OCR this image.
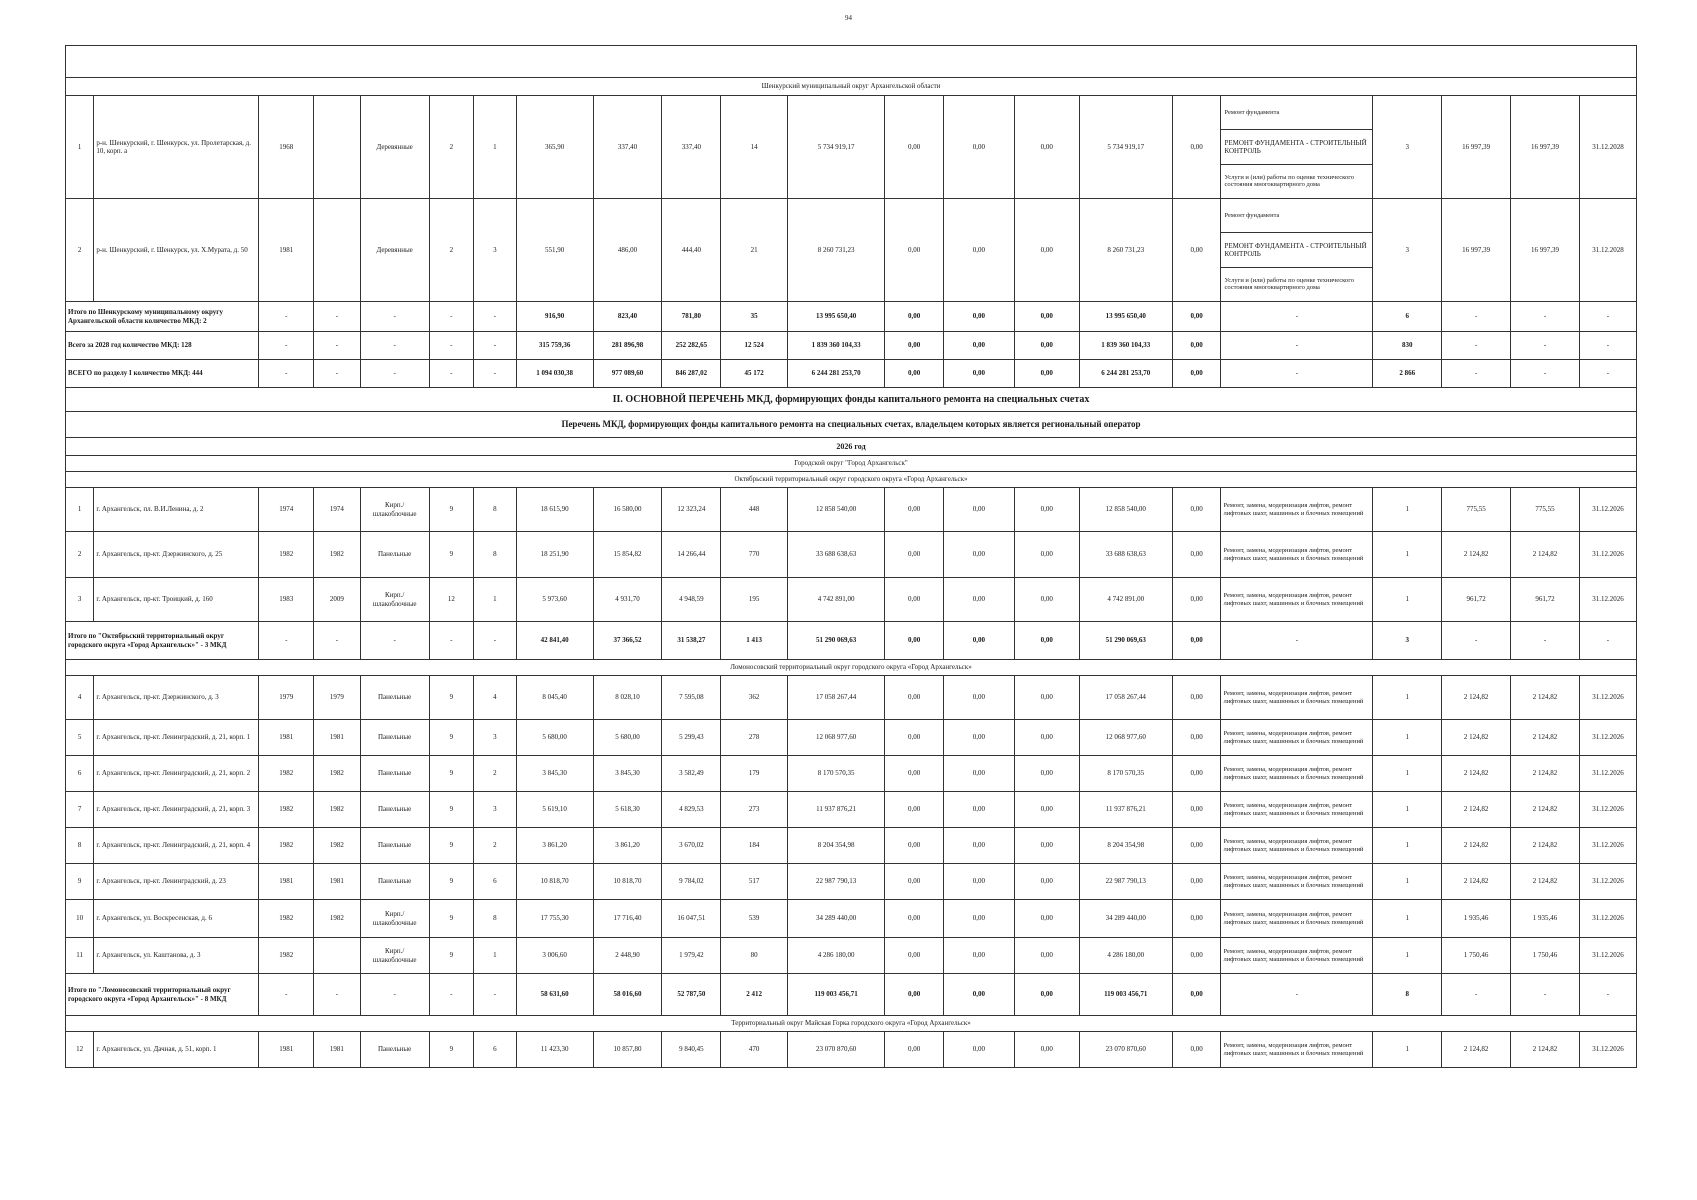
94

Шенкурский муниципальный округ Архангельской области																					
1	р-н. Шенкурский, г. Шенкурск, ул. Пролетарская, д. 10, корп. а	1968		Деревянные	2	1	365,90	337,40	337,40	14	5 734 919,17	0,00	0,00	0,00	5 734 919,17	0,00	Ремонт фундамента
РЕМОНТ ФУНДАМЕНТА - СТРОИТЕЛЬНЫЙ КОНТРОЛЬ
Услуги и (или) работы по оценке технического состояния многоквартирного дома	3	16 997,39	16 997,39	31.12.2028
2	р-н. Шенкурский, г. Шенкурск, ул. Х.Мурата, д. 50	1981		Деревянные	2	3	551,90	486,00	444,40	21	8 260 731,23	0,00	0,00	0,00	8 260 731,23	0,00	Ремонт фундамента
РЕМОНТ ФУНДАМЕНТА - СТРОИТЕЛЬНЫЙ КОНТРОЛЬ
Услуги и (или) работы по оценке технического состояния многоквартирного дома	3	16 997,39	16 997,39	31.12.2028
Итого по Шенкурскому муниципальному округу Архангельской области количество МКД: 2		-	-	-	-	-	916,90	823,40	781,80	35	13 995 650,40	0,00	0,00	0,00	13 995 650,40	0,00	-	6	-	-	-
Всего за 2028 год количество МКД: 128		-	-	-	-	-	315 759,36	281 896,98	252 282,65	12 524	1 839 360 104,33	0,00	0,00	0,00	1 839 360 104,33	0,00	-	830	-	-	-
ВСЕГО по разделу I количество МКД: 444		-	-	-	-	-	1 094 030,38	977 089,60	846 287,02	45 172	6 244 281 253,70	0,00	0,00	0,00	6 244 281 253,70	0,00	-	2 866	-	-	-
II. ОСНОВНОЙ ПЕРЕЧЕНЬ МКД, формирующих фонды капитального ремонта на специальных счетах																					
Перечень МКД, формирующих фонды капитального ремонта на специальных счетах, владельцем которых является региональный оператор																					
2026 год																					
Городской округ "Город Архангельск"																					
Октябрьский территориальный округ городского округа «Город Архангельск»																					
1	г. Архангельск, пл. В.И.Ленина, д. 2	1974	1974	Кирп./ шлакоблочные	9	8	18 615,90	16 580,00	12 323,24	448	12 858 540,00	0,00	0,00	0,00	12 858 540,00	0,00	Ремонт, замена, модернизация лифтов, ремонт лифтовых шахт, машинных и блочных помещений	1	775,55	775,55	31.12.2026
2	г. Архангельск, пр-кт. Дзержинского, д. 25	1982	1982	Панельные	9	8	18 251,90	15 854,82	14 266,44	770	33 688 638,63	0,00	0,00	0,00	33 688 638,63	0,00	Ремонт, замена, модернизация лифтов, ремонт лифтовых шахт, машинных и блочных помещений	1	2 124,82	2 124,82	31.12.2026
3	г. Архангельск, пр-кт. Троицкий, д. 160	1983	2009	Кирп./ шлакоблочные	12	1	5 973,60	4 931,70	4 948,59	195	4 742 891,00	0,00	0,00	0,00	4 742 891,00	0,00	Ремонт, замена, модернизация лифтов, ремонт лифтовых шахт, машинных и блочных помещений	1	961,72	961,72	31.12.2026
Итого по "Октябрьский территориальный округ городского округа «Город Архангельск»" - 3 МКД		-	-	-	-	-	42 841,40	37 366,52	31 538,27	1 413	51 290 069,63	0,00	0,00	0,00	51 290 069,63	0,00	-	3	-	-	-
Ломоносовский территориальный округ городского округа «Город Архангельск»																					
4	г. Архангельск, пр-кт. Дзержинского, д. 3	1979	1979	Панельные	9	4	8 045,40	8 028,10	7 595,08	362	17 058 267,44	0,00	0,00	0,00	17 058 267,44	0,00	Ремонт, замена, модернизация лифтов, ремонт лифтовых шахт, машинных и блочных помещений	1	2 124,82	2 124,82	31.12.2026
5	г. Архангельск, пр-кт. Ленинградский, д. 21, корп. 1	1981	1981	Панельные	9	3	5 680,00	5 680,00	5 299,43	278	12 068 977,60	0,00	0,00	0,00	12 068 977,60	0,00	Ремонт, замена, модернизация лифтов, ремонт лифтовых шахт, машинных и блочных помещений	1	2 124,82	2 124,82	31.12.2026
6	г. Архангельск, пр-кт. Ленинградский, д. 21, корп. 2	1982	1982	Панельные	9	2	3 845,30	3 845,30	3 582,49	179	8 170 570,35	0,00	0,00	0,00	8 170 570,35	0,00	Ремонт, замена, модернизация лифтов, ремонт лифтовых шахт, машинных и блочных помещений	1	2 124,82	2 124,82	31.12.2026
7	г. Архангельск, пр-кт. Ленинградский, д. 21, корп. 3	1982	1982	Панельные	9	3	5 619,10	5 618,30	4 829,53	273	11 937 876,21	0,00	0,00	0,00	11 937 876,21	0,00	Ремонт, замена, модернизация лифтов, ремонт лифтовых шахт, машинных и блочных помещений	1	2 124,82	2 124,82	31.12.2026
8	г. Архангельск, пр-кт. Ленинградский, д. 21, корп. 4	1982	1982	Панельные	9	2	3 861,20	3 861,20	3 670,02	184	8 204 354,98	0,00	0,00	0,00	8 204 354,98	0,00	Ремонт, замена, модернизация лифтов, ремонт лифтовых шахт, машинных и блочных помещений	1	2 124,82	2 124,82	31.12.2026
9	г. Архангельск, пр-кт. Ленинградский, д. 23	1981	1981	Панельные	9	6	10 818,70	10 818,70	9 784,02	517	22 987 790,13	0,00	0,00	0,00	22 987 790,13	0,00	Ремонт, замена, модернизация лифтов, ремонт лифтовых шахт, машинных и блочных помещений	1	2 124,82	2 124,82	31.12.2026
10	г. Архангельск, ул. Воскресенская, д. 6	1982	1982	Кирп./ шлакоблочные	9	8	17 755,30	17 716,40	16 047,51	539	34 289 440,00	0,00	0,00	0,00	34 289 440,00	0,00	Ремонт, замена, модернизация лифтов, ремонт лифтовых шахт, машинных и блочных помещений	1	1 935,46	1 935,46	31.12.2026
11	г. Архангельск, ул. Каштанова, д. 3	1982		Кирп./ шлакоблочные	9	1	3 006,60	2 448,90	1 979,42	80	4 286 180,00	0,00	0,00	0,00	4 286 180,00	0,00	Ремонт, замена, модернизация лифтов, ремонт лифтовых шахт, машинных и блочных помещений	1	1 750,46	1 750,46	31.12.2026
Итого по "Ломоносовский территориальный округ городского округа «Город Архангельск»" - 8 МКД		-	-	-	-	-	58 631,60	58 016,60	52 787,50	2 412	119 003 456,71	0,00	0,00	0,00	119 003 456,71	0,00	-	8	-	-	-
Территориальный округ Майская Горка городского округа «Город Архангельск»																					
12	г. Архангельск, ул. Дачная, д. 51, корп. 1	1981	1981	Панельные	9	6	11 423,30	10 857,80	9 840,45	470	23 070 870,60	0,00	0,00	0,00	23 070 870,60	0,00	Ремонт, замена, модернизация лифтов, ремонт лифтовых шахт, машинных и блочных помещений	1	2 124,82	2 124,82	31.12.2026
